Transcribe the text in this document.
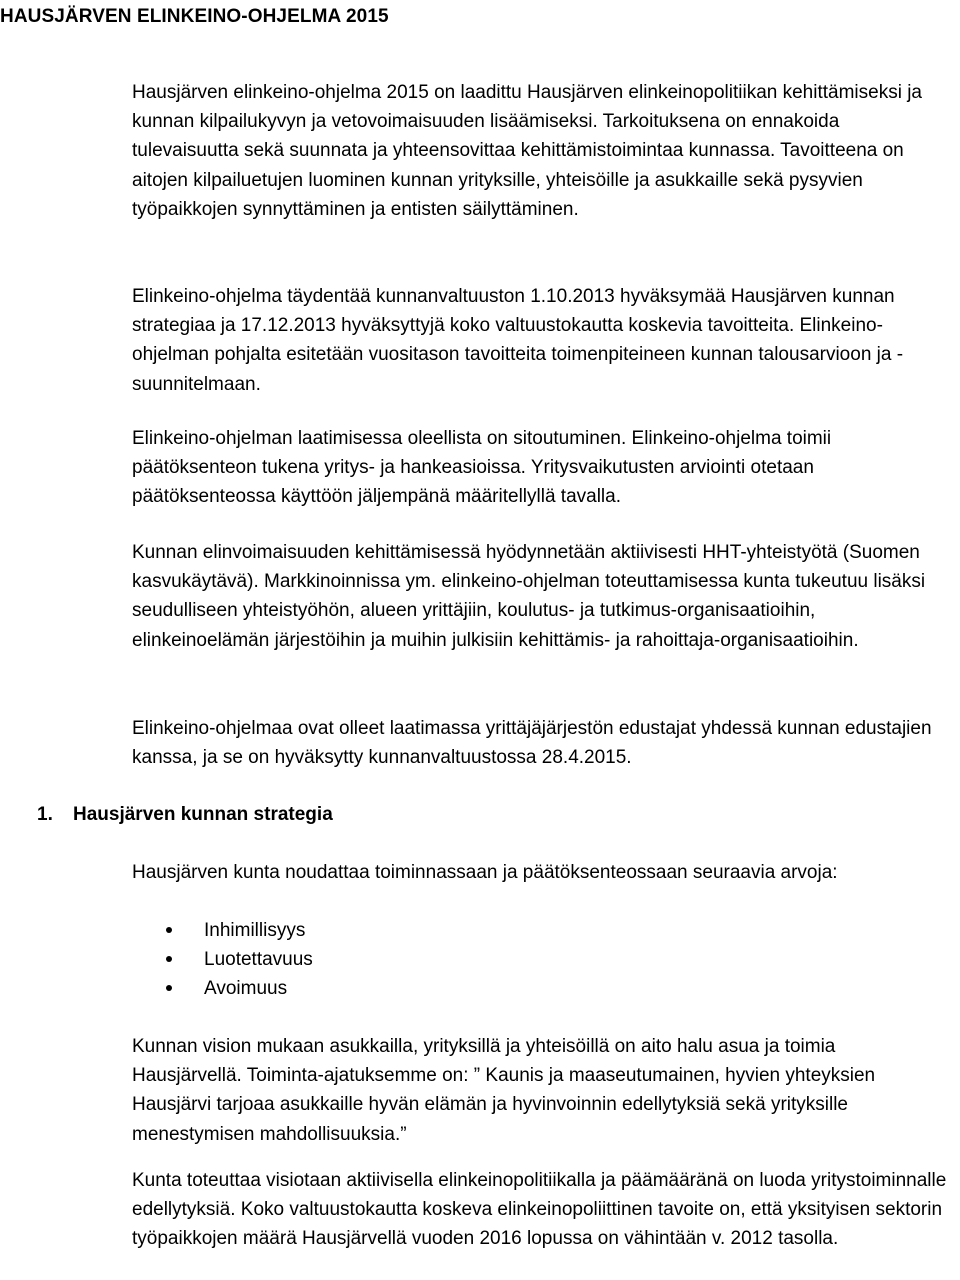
HAUSJÄRVEN ELINKEINO-OHJELMA 2015

Hausjärven elinkeino-ohjelma 2015 on laadittu Hausjärven elinkeinopolitiikan kehittämiseksi ja kunnan kilpailukyvyn ja vetovoimaisuuden lisäämiseksi. Tarkoituksena on ennakoida tulevaisuutta sekä suunnata ja yhteensovittaa kehittämistoimintaa kunnassa. Tavoitteena on aitojen kilpailuetujen luominen kunnan yrityksille, yhteisöille ja asukkaille sekä pysyvien työpaikkojen synnyttäminen ja entisten säilyttäminen.

Elinkeino-ohjelma täydentää kunnanvaltuuston 1.10.2013 hyväksymää Hausjärven kunnan strategiaa ja 17.12.2013 hyväksyttyjä koko valtuustokautta koskevia tavoitteita. Elinkeino-ohjelman pohjalta esitetään vuositason tavoitteita toimenpiteineen kunnan talousarvioon ja -suunnitelmaan.

Elinkeino-ohjelman laatimisessa oleellista on sitoutuminen. Elinkeino-ohjelma toimii päätöksenteon tukena yritys- ja hankeasioissa. Yritysvaikutusten arviointi otetaan päätöksenteossa käyttöön jäljempänä määritellyllä tavalla.

Kunnan elinvoimaisuuden kehittämisessä hyödynnetään aktiivisesti HHT-yhteistyötä (Suomen kasvukäytävä). Markkinoinnissa ym. elinkeino-ohjelman toteuttamisessa kunta tukeutuu lisäksi seudulliseen yhteistyöhön, alueen yrittäjiin, koulutus- ja tutkimus-organisaatioihin, elinkeinoelämän järjestöihin ja muihin julkisiin kehittämis- ja rahoittaja-organisaatioihin.

Elinkeino-ohjelmaa ovat olleet laatimassa yrittäjäjärjestön edustajat yhdessä kunnan edustajien kanssa, ja se on hyväksytty kunnanvaltuustossa 28.4.2015.

1. Hausjärven kunnan strategia

Hausjärven kunta noudattaa toiminnassaan ja päätöksenteossaan seuraavia arvoja:

Inhimillisyys
Luotettavuus
Avoimuus

Kunnan vision mukaan asukkailla, yrityksillä ja yhteisöillä on aito halu asua ja toimia Hausjärvellä. Toiminta-ajatuksemme on: ” Kaunis ja maaseutumainen, hyvien yhteyksien Hausjärvi tarjoaa asukkaille hyvän elämän ja hyvinvoinnin edellytyksiä sekä yrityksille menestymisen mahdollisuuksia.”

Kunta toteuttaa visiotaan aktiivisella elinkeinopolitiikalla ja päämääränä on luoda yritystoiminnalle edellytyksiä. Koko valtuustokautta koskeva elinkeinopoliittinen tavoite on, että yksityisen sektorin työpaikkojen määrä Hausjärvellä vuoden 2016 lopussa on vähintään v. 2012 tasolla.
